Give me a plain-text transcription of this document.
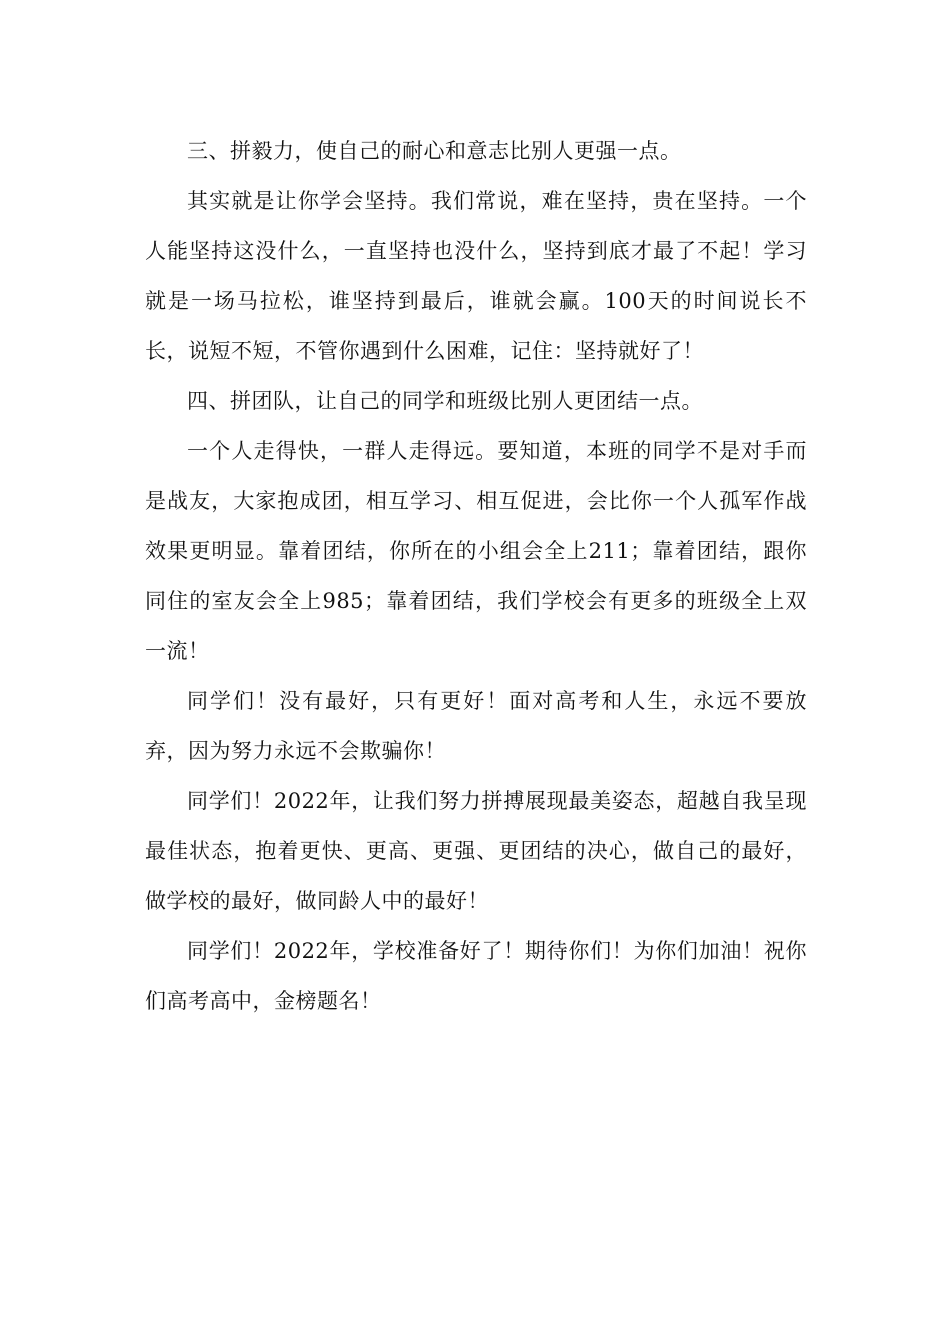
三、拼毅力，使自己的耐心和意志比别人更强一点。

其实就是让你学会坚持。我们常说，难在坚持，贵在坚持。一个人能坚持这没什么，一直坚持也没什么，坚持到底才最了不起！学习就是一场马拉松，谁坚持到最后，谁就会赢。100天的时间说长不长，说短不短，不管你遇到什么困难，记住：坚持就好了！

四、拼团队，让自己的同学和班级比别人更团结一点。

一个人走得快，一群人走得远。要知道，本班的同学不是对手而是战友，大家抱成团，相互学习、相互促进，会比你一个人孤军作战效果更明显。靠着团结，你所在的小组会全上211；靠着团结，跟你同住的室友会全上985；靠着团结，我们学校会有更多的班级全上双一流！

同学们！没有最好，只有更好！面对高考和人生，永远不要放弃，因为努力永远不会欺骗你！

同学们！2022年，让我们努力拼搏展现最美姿态，超越自我呈现最佳状态，抱着更快、更高、更强、更团结的决心，做自己的最好，做学校的最好，做同龄人中的最好！

同学们！2022年，学校准备好了！期待你们！为你们加油！祝你们高考高中，金榜题名！
